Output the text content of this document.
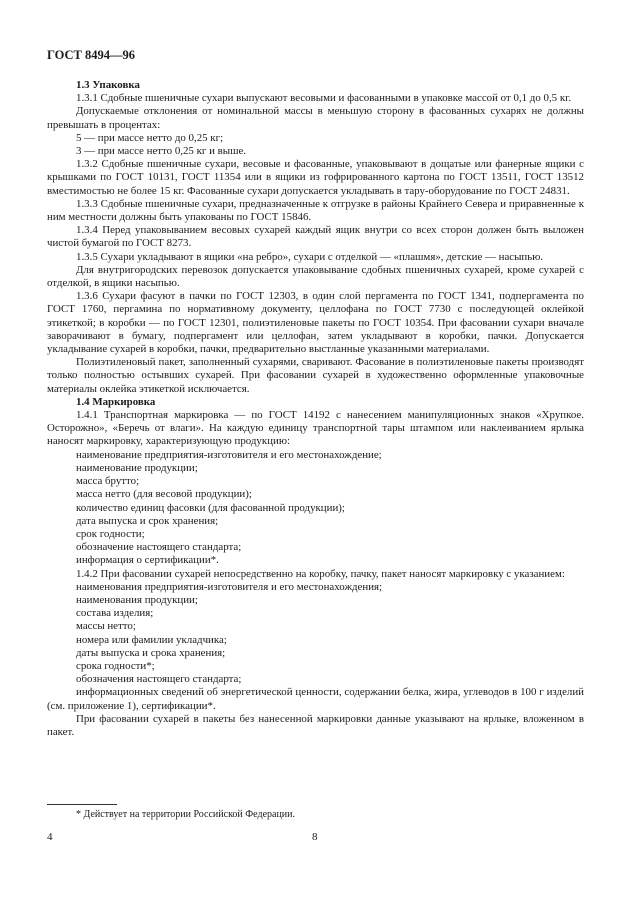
ГОСТ 8494—96

1.3 Упаковка

1.3.1 Сдобные пшеничные сухари выпускают весовыми и фасованными в упаковке массой от 0,1 до 0,5 кг.

Допускаемые отклонения от номинальной массы в меньшую сторону в фасованных сухарях не должны превышать в процентах:

5 — при массе нетто до 0,25 кг;

3 — при массе нетто 0,25 кг и выше.

1.3.2 Сдобные пшеничные сухари, весовые и фасованные, упаковывают в дощатые или фанерные ящики с крышками по ГОСТ 10131, ГОСТ 11354 или в ящики из гофрированного картона по ГОСТ 13511, ГОСТ 13512 вместимостью не более 15 кг. Фасованные сухари допускается укладывать в тару-оборудование по ГОСТ 24831.

1.3.3 Сдобные пшеничные сухари, предназначенные к отгрузке в районы Крайнего Севера и приравненные к ним местности должны быть упакованы по ГОСТ 15846.

1.3.4 Перед упаковыванием весовых сухарей каждый ящик внутри со всех сторон должен быть выложен чистой бумагой по ГОСТ 8273.

1.3.5 Сухари укладывают в ящики «на ребро», сухари с отделкой — «плашмя», детские — насыпью.

Для внутригородских перевозок допускается упаковывание сдобных пшеничных сухарей, кроме сухарей с отделкой, в ящики насыпью.

1.3.6 Сухари фасуют в пачки по ГОСТ 12303, в один слой пергамента по ГОСТ 1341, подпергамента по ГОСТ 1760, пергамина по нормативному документу, целлофана по ГОСТ 7730 с последующей оклейкой этикеткой; в коробки — по ГОСТ 12301, полиэтиленовые пакеты по ГОСТ 10354. При фасовании сухари вначале заворачивают в бумагу, подпергамент или целлофан, затем укладывают в коробки, пачки. Допускается укладывание сухарей в коробки, пачки, предварительно выстланные указанными материалами.

Полиэтиленовый пакет, заполненный сухарями, сваривают. Фасование в полиэтиленовые пакеты производят только полностью остывших сухарей. При фасовании сухарей в художественно оформленные упаковочные материалы оклейка этикеткой исключается.

1.4 Маркировка

1.4.1 Транспортная маркировка — по ГОСТ 14192 с нанесением манипуляционных знаков «Хрупкое. Осторожно», «Беречь от влаги». На каждую единицу транспортной тары штампом или наклеиванием ярлыка наносят маркировку, характеризующую продукцию:

наименование предприятия-изготовителя и его местонахождение;

наименование продукции;

масса брутто;

масса нетто (для весовой продукции);

количество единиц фасовки (для фасованной продукции);

дата выпуска и срок хранения;

срок годности;

обозначение настоящего стандарта;

информация о сертификации*.

1.4.2 При фасовании сухарей непосредственно на коробку, пачку, пакет наносят маркировку с указанием:

наименования предприятия-изготовителя и его местонахождения;

наименования продукции;

состава изделия;

массы нетто;

номера или фамилии укладчика;

даты выпуска и срока хранения;

срока годности*;

обозначения настоящего стандарта;

информационных сведений об энергетической ценности, содержании белка, жира, углеводов в 100 г изделий (см. приложение 1), сертификации*.

При фасовании сухарей в пакеты без нанесенной маркировки данные указывают на ярлыке, вложенном в пакет.

* Действует на территории Российской Федерации.
4	8
